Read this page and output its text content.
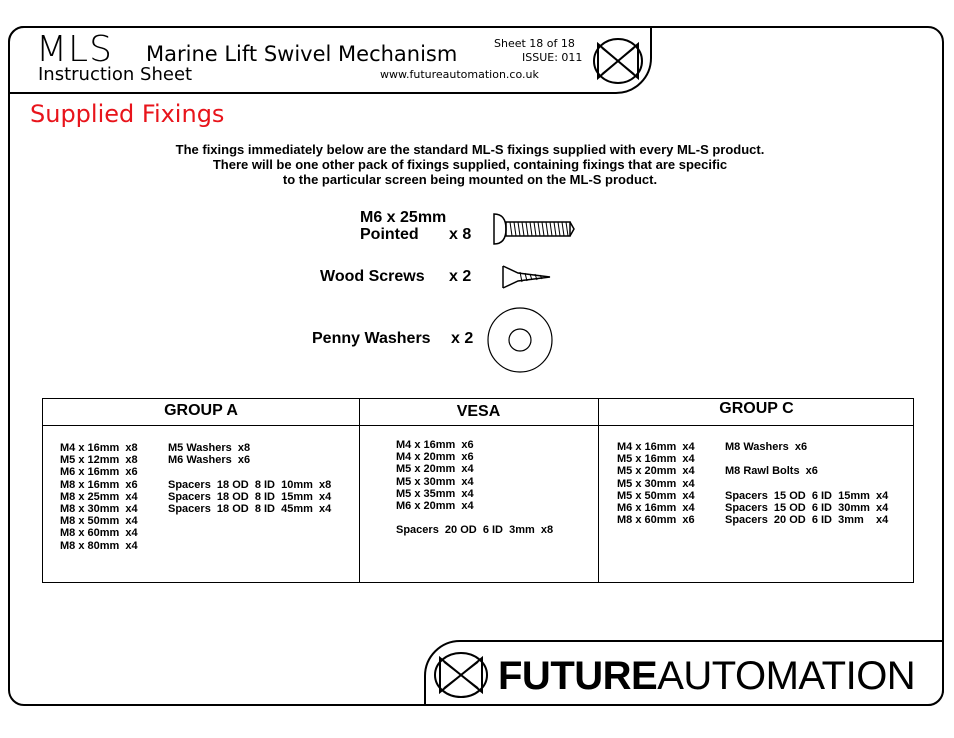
MLS Marine Lift Swivel Mechanism
Instruction Sheet
Sheet 18 of 18
ISSUE: 011
www.futureautomation.co.uk
Supplied Fixings
The fixings immediately below are the standard ML-S fixings supplied with every ML-S product.
There will be one other pack of fixings supplied, containing fixings that are specific
to the particular screen being mounted on the ML-S product.
M6 x 25mm
Pointed x 8
Wood Screws x 2
Penny Washers x 2
GROUP A	VESA	GROUP C
M4 x 16mm  x8
M5 x 12mm  x8
M6 x 16mm  x6
M8 x 16mm  x6
M8 x 25mm  x4
M8 x 30mm  x4
M8 x 50mm  x4
M8 x 60mm  x4
M8 x 80mm  x4
M5 Washers  x8
M6 Washers  x6

Spacers  18 OD  8 ID  10mm  x8
Spacers  18 OD  8 ID  15mm  x4
Spacers  18 OD  8 ID  45mm  x4
M4 x 16mm  x6
M4 x 20mm  x6
M5 x 20mm  x4
M5 x 30mm  x4
M5 x 35mm  x4
M6 x 20mm  x4

Spacers  20 OD  6 ID  3mm  x8
M4 x 16mm  x4
M5 x 16mm  x4
M5 x 20mm  x4
M5 x 30mm  x4
M5 x 50mm  x4
M6 x 16mm  x4
M8 x 60mm  x6
M8 Washers  x6

M8 Rawl Bolts  x6

Spacers  15 OD  6 ID  15mm  x4
Spacers  15 OD  6 ID  30mm  x4
Spacers  20 OD  6 ID  3mm    x4
FUTUREAUTOMATION
